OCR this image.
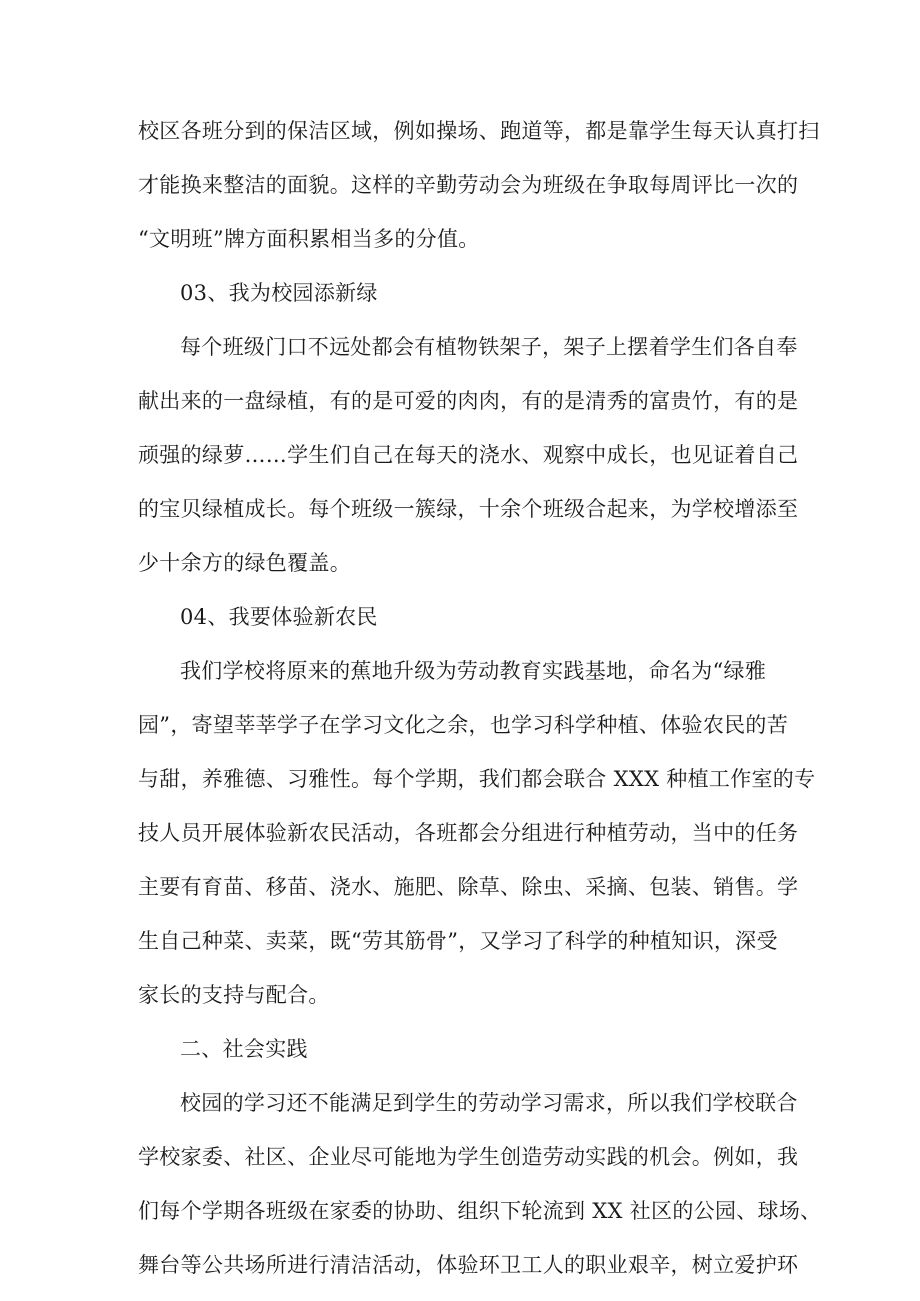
校区各班分到的保洁区域，例如操场、跑道等，都是靠学生每天认真打扫
才能换来整洁的面貌。这样的辛勤劳动会为班级在争取每周评比一次的
“文明班”牌方面积累相当多的分值。
03、我为校园添新绿
每个班级门口不远处都会有植物铁架子，架子上摆着学生们各自奉
献出来的一盘绿植，有的是可爱的肉肉，有的是清秀的富贵竹，有的是
顽强的绿萝……学生们自己在每天的浇水、观察中成长，也见证着自己
的宝贝绿植成长。每个班级一簇绿，十余个班级合起来，为学校增添至
少十余方的绿色覆盖。
04、我要体验新农民
我们学校将原来的蕉地升级为劳动教育实践基地，命名为“绿雅
园”，寄望莘莘学子在学习文化之余，也学习科学种植、体验农民的苦
与甜，养雅德、习雅性。每个学期，我们都会联合 XXX 种植工作室的专
技人员开展体验新农民活动，各班都会分组进行种植劳动，当中的任务
主要有育苗、移苗、浇水、施肥、除草、除虫、采摘、包装、销售。学
生自己种菜、卖菜，既“劳其筋骨”，又学习了科学的种植知识，深受
家长的支持与配合。
二、社会实践
校园的学习还不能满足到学生的劳动学习需求，所以我们学校联合
学校家委、社区、企业尽可能地为学生创造劳动实践的机会。例如，我
们每个学期各班级在家委的协助、组织下轮流到 XX 社区的公园、球场、
舞台等公共场所进行清洁活动，体验环卫工人的职业艰辛，树立爱护环
